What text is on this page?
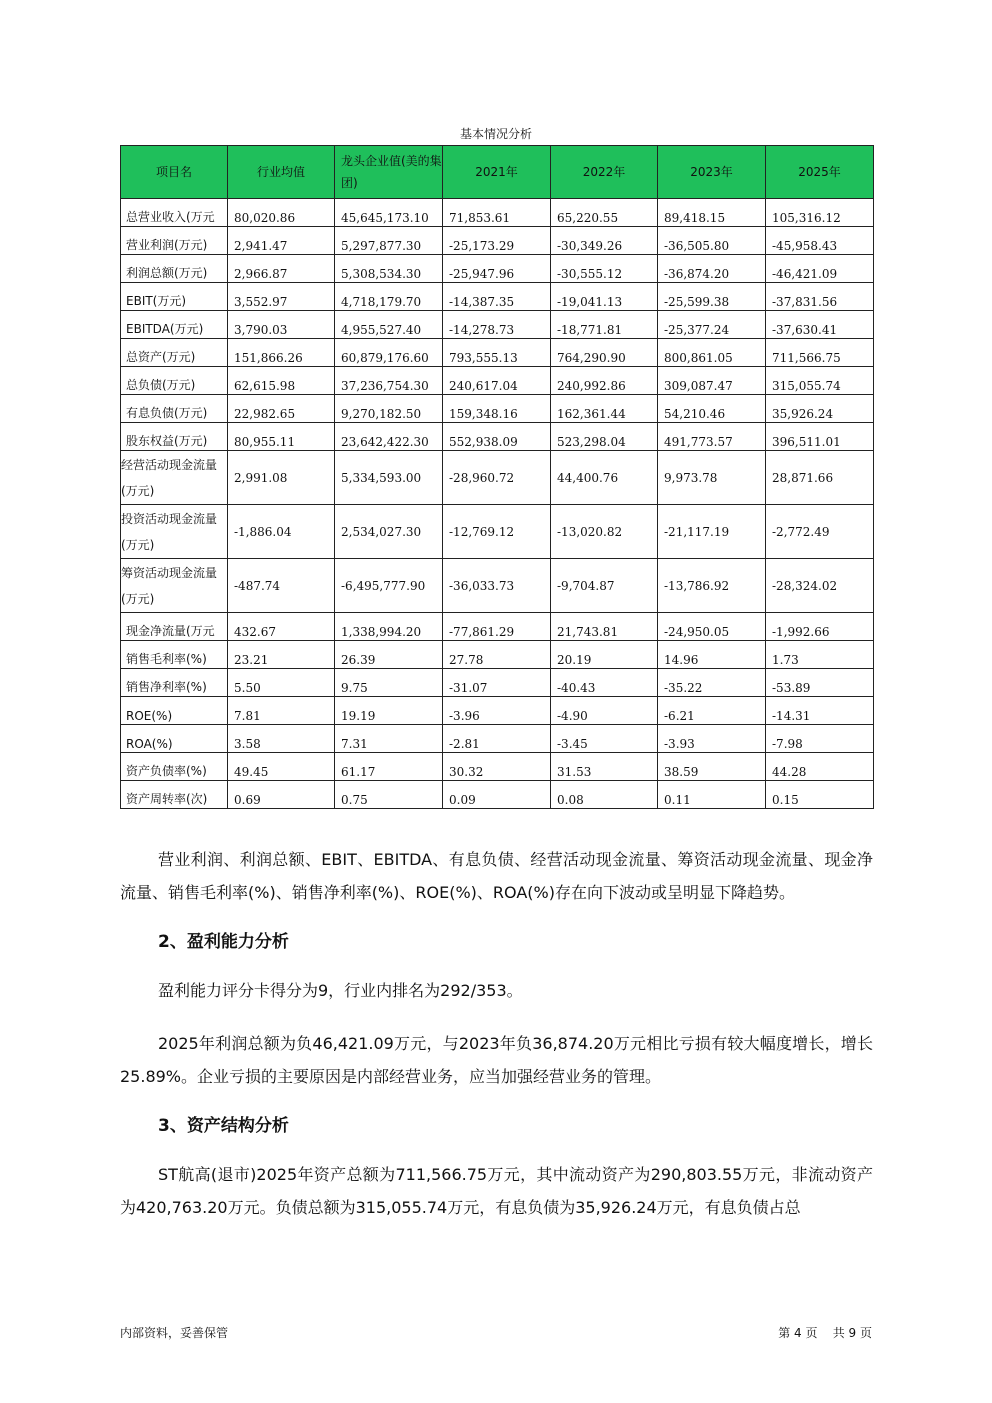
基本情况分析
项目名	行业均值	龙头企业值(美的集团)	2021年	2022年	2023年	2025年
总营业收入(万元	80,020.86	45,645,173.10	71,853.61	65,220.55	89,418.15	105,316.12
营业利润(万元)	2,941.47	5,297,877.30	-25,173.29	-30,349.26	-36,505.80	-45,958.43
利润总额(万元)	2,966.87	5,308,534.30	-25,947.96	-30,555.12	-36,874.20	-46,421.09
EBIT(万元)	3,552.97	4,718,179.70	-14,387.35	-19,041.13	-25,599.38	-37,831.56
EBITDA(万元)	3,790.03	4,955,527.40	-14,278.73	-18,771.81	-25,377.24	-37,630.41
总资产(万元)	151,866.26	60,879,176.60	793,555.13	764,290.90	800,861.05	711,566.75
总负债(万元)	62,615.98	37,236,754.30	240,617.04	240,992.86	309,087.47	315,055.74
有息负债(万元)	22,982.65	9,270,182.50	159,348.16	162,361.44	54,210.46	35,926.24
股东权益(万元)	80,955.11	23,642,422.30	552,938.09	523,298.04	491,773.57	396,511.01
经营活动现金流量(万元)	2,991.08	5,334,593.00	-28,960.72	44,400.76	9,973.78	28,871.66
投资活动现金流量(万元)	-1,886.04	2,534,027.30	-12,769.12	-13,020.82	-21,117.19	-2,772.49
筹资活动现金流量(万元)	-487.74	-6,495,777.90	-36,033.73	-9,704.87	-13,786.92	-28,324.02
现金净流量(万元	432.67	1,338,994.20	-77,861.29	21,743.81	-24,950.05	-1,992.66
销售毛利率(%)	23.21	26.39	27.78	20.19	14.96	1.73
销售净利率(%)	5.50	9.75	-31.07	-40.43	-35.22	-53.89
ROE(%)	7.81	19.19	-3.96	-4.90	-6.21	-14.31
ROA(%)	3.58	7.31	-2.81	-3.45	-3.93	-7.98
资产负债率(%)	49.45	61.17	30.32	31.53	38.59	44.28
资产周转率(次)	0.69	0.75	0.09	0.08	0.11	0.15
营业利润、利润总额、EBIT、EBITDA、有息负债、经营活动现金流量、筹资活动现金流量、现金净流量、销售毛利率(%)、销售净利率(%)、ROE(%)、ROA(%)存在向下波动或呈明显下降趋势。
2、盈利能力分析
盈利能力评分卡得分为9，行业内排名为292/353。
2025年利润总额为负46,421.09万元，与2023年负36,874.20万元相比亏损有较大幅度增长，增长25.89%。企业亏损的主要原因是内部经营业务，应当加强经营业务的管理。
3、资产结构分析
ST航高(退市)2025年资产总额为711,566.75万元，其中流动资产为290,803.55万元，非流动资产为420,763.20万元。负债总额为315,055.74万元，有息负债为35,926.24万元，有息负债占总
内部资料，妥善保管	第 4 页    共 9 页
